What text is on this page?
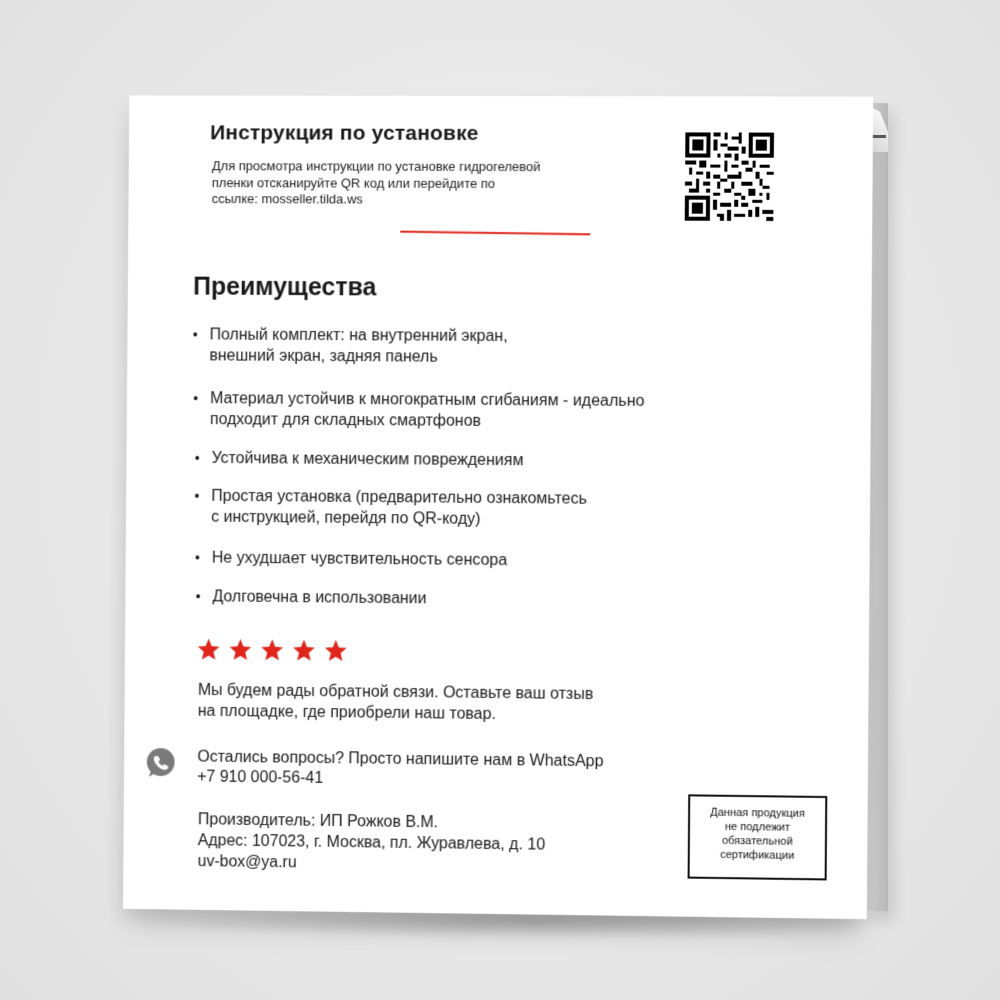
Инструкция по установке

Для просмотра инструкции по установке гидрогелевой
пленки отсканируйте QR код или перейдите по
ссылке: mosseller.tilda.ws

Преимущества
• Полный комплект: на внутренний экран,
внешний экран, задняя панель
• Материал устойчив к многократным сгибаниям - идеально
подходит для складных смартфонов
• Устойчива к механическим повреждениям
• Простая установка (предварительно ознакомьтесь
с инструкцией, перейдя по QR-коду)
• Не ухудшает чувствительность сенсора
• Долговечна в использовании

Мы будем рады обратной связи. Оставьте ваш отзыв
на площадке, где приобрели наш товар.

Остались вопросы? Просто напишите нам в WhatsApp
+7 910 000-56-41

Производитель: ИП Рожков В.М.
Адрес: 107023, г. Москва, пл. Журавлева, д. 10
uv-box@ya.ru

Данная продукция
не подлежит
обязательной
сертификации
